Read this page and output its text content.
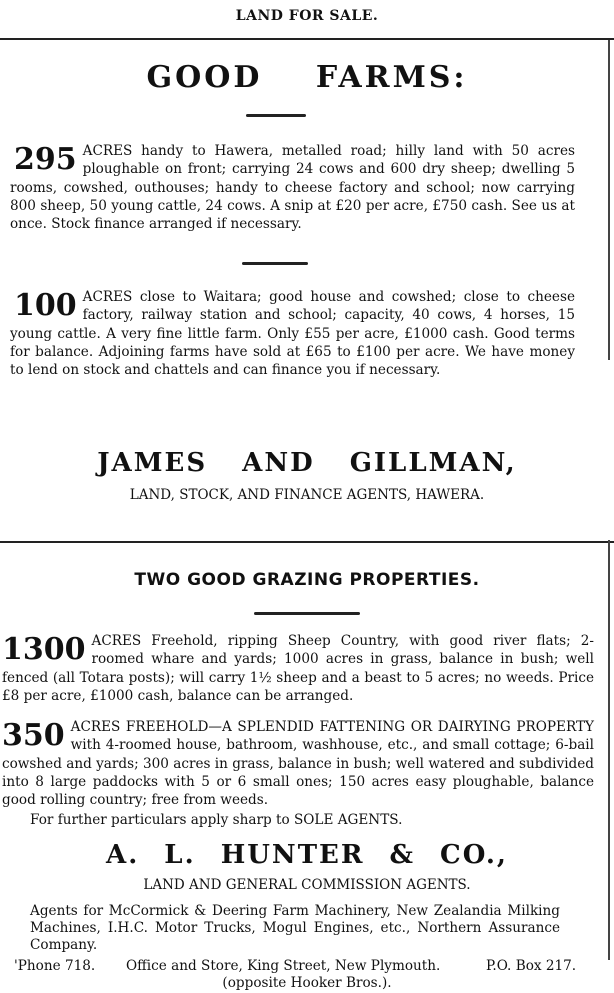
LAND FOR SALE.
GOOD FARMS:
295 ACRES handy to Hawera, metalled road; hilly land with 50 acres ploughable on front; carrying 24 cows and 600 dry sheep; dwelling 5 rooms, cowshed, outhouses; handy to cheese factory and school; now carrying 800 sheep, 50 young cattle, 24 cows. A snip at £20 per acre, £750 cash. See us at once. Stock finance arranged if necessary.
100 ACRES close to Waitara; good house and cowshed; close to cheese factory, railway station and school; capacity, 40 cows, 4 horses, 15 young cattle. A very fine little farm. Only £55 per acre, £1000 cash. Good terms for balance. Adjoining farms have sold at £65 to £100 per acre. We have money to lend on stock and chattels and can finance you if necessary.
JAMES AND GILLMAN,
LAND, STOCK, AND FINANCE AGENTS, HAWERA.
TWO GOOD GRAZING PROPERTIES.
1300 ACRES Freehold, ripping Sheep Country, with good river flats; 2-roomed whare and yards; 1000 acres in grass, balance in bush; well fenced (all Totara posts); will carry 1½ sheep and a beast to 5 acres; no weeds. Price £8 per acre, £1000 cash, balance can be arranged.
350 ACRES FREEHOLD—A SPLENDID FATTENING OR DAIRYING PROPERTY with 4-roomed house, bathroom, washhouse, etc., and small cottage; 6-bail cowshed and yards; 300 acres in grass, balance in bush; well watered and subdivided into 8 large paddocks with 5 or 6 small ones; 150 acres easy ploughable, balance good rolling country; free from weeds.
For further particulars apply sharp to SOLE AGENTS.
A. L. HUNTER & CO.,
LAND AND GENERAL COMMISSION AGENTS.
Agents for McCormick & Deering Farm Machinery, New Zealandia Milking Machines, I.H.C. Motor Trucks, Mogul Engines, etc., Northern Assurance Company.
'Phone 718. Office and Store, King Street, New Plymouth.	P.O. Box 217.
(opposite Hooker Bros.).
